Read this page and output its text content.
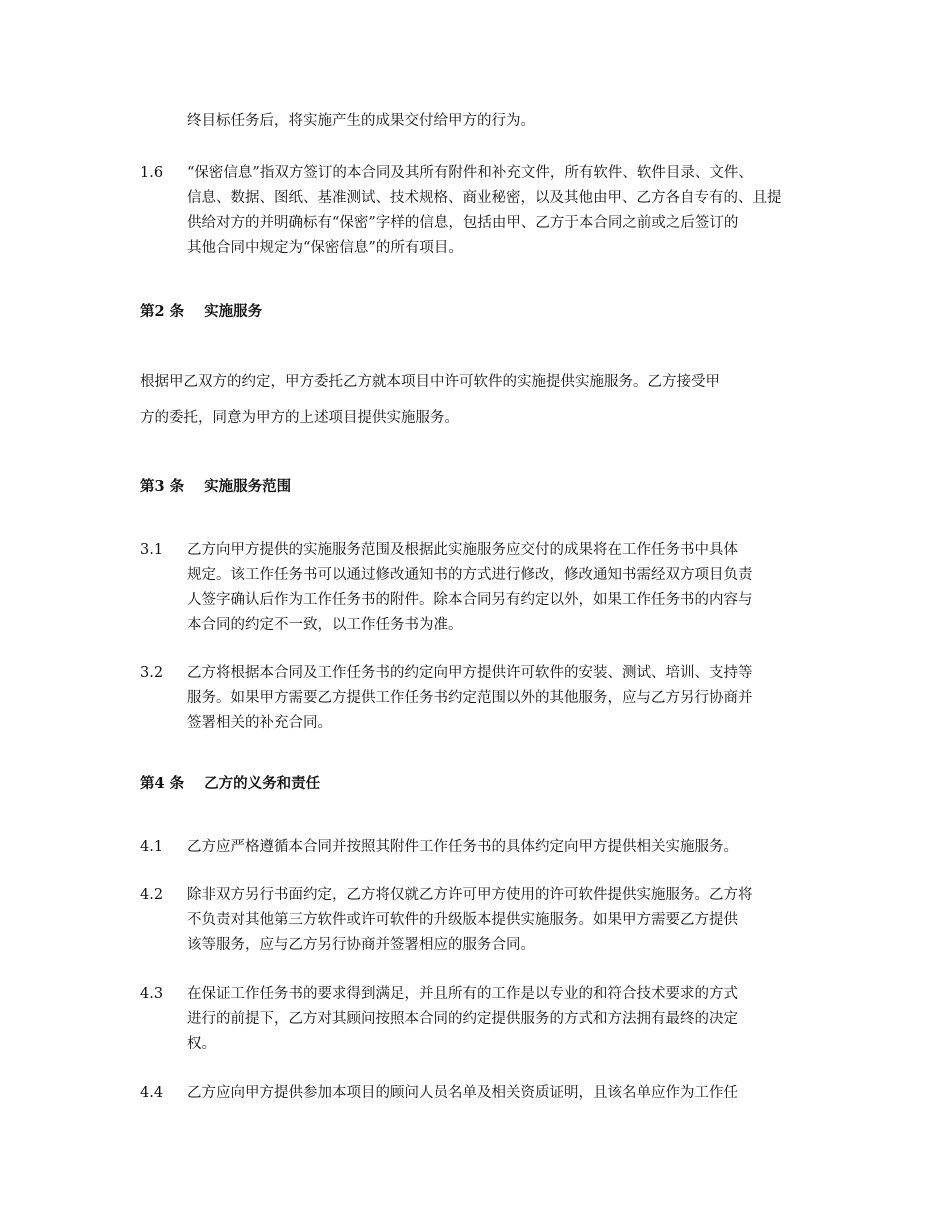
终目标任务后，将实施产生的成果交付给甲方的行为。
1.6 “保密信息”指双方签订的本合同及其所有附件和补充文件，所有软件、软件目录、文件、
信息、数据、图纸、基准测试、技术规格、商业秘密，以及其他由甲、乙方各自专有的、且提
供给对方的并明确标有“保密”字样的信息，包括由甲、乙方于本合同之前或之后签订的
其他合同中规定为“保密信息”的所有项目。
第2 条 实施服务
根据甲乙双方的约定，甲方委托乙方就本项目中许可软件的实施提供实施服务。乙方接受甲
方的委托，同意为甲方的上述项目提供实施服务。
第3 条 实施服务范围
3.1 乙方向甲方提供的实施服务范围及根据此实施服务应交付的成果将在工作任务书中具体
规定。该工作任务书可以通过修改通知书的方式进行修改，修改通知书需经双方项目负责
人签字确认后作为工作任务书的附件。除本合同另有约定以外，如果工作任务书的内容与
本合同的约定不一致，以工作任务书为准。
3.2 乙方将根据本合同及工作任务书的约定向甲方提供许可软件的安装、测试、培训、支持等
服务。如果甲方需要乙方提供工作任务书约定范围以外的其他服务，应与乙方另行协商并
签署相关的补充合同。
第4 条 乙方的义务和责任
4.1 乙方应严格遵循本合同并按照其附件工作任务书的具体约定向甲方提供相关实施服务。
4.2 除非双方另行书面约定，乙方将仅就乙方许可甲方使用的许可软件提供实施服务。乙方将
不负责对其他第三方软件或许可软件的升级版本提供实施服务。如果甲方需要乙方提供
该等服务，应与乙方另行协商并签署相应的服务合同。
4.3 在保证工作任务书的要求得到满足，并且所有的工作是以专业的和符合技术要求的方式
进行的前提下，乙方对其顾问按照本合同的约定提供服务的方式和方法拥有最终的决定
权。
4.4 乙方应向甲方提供参加本项目的顾问人员名单及相关资质证明，且该名单应作为工作任
